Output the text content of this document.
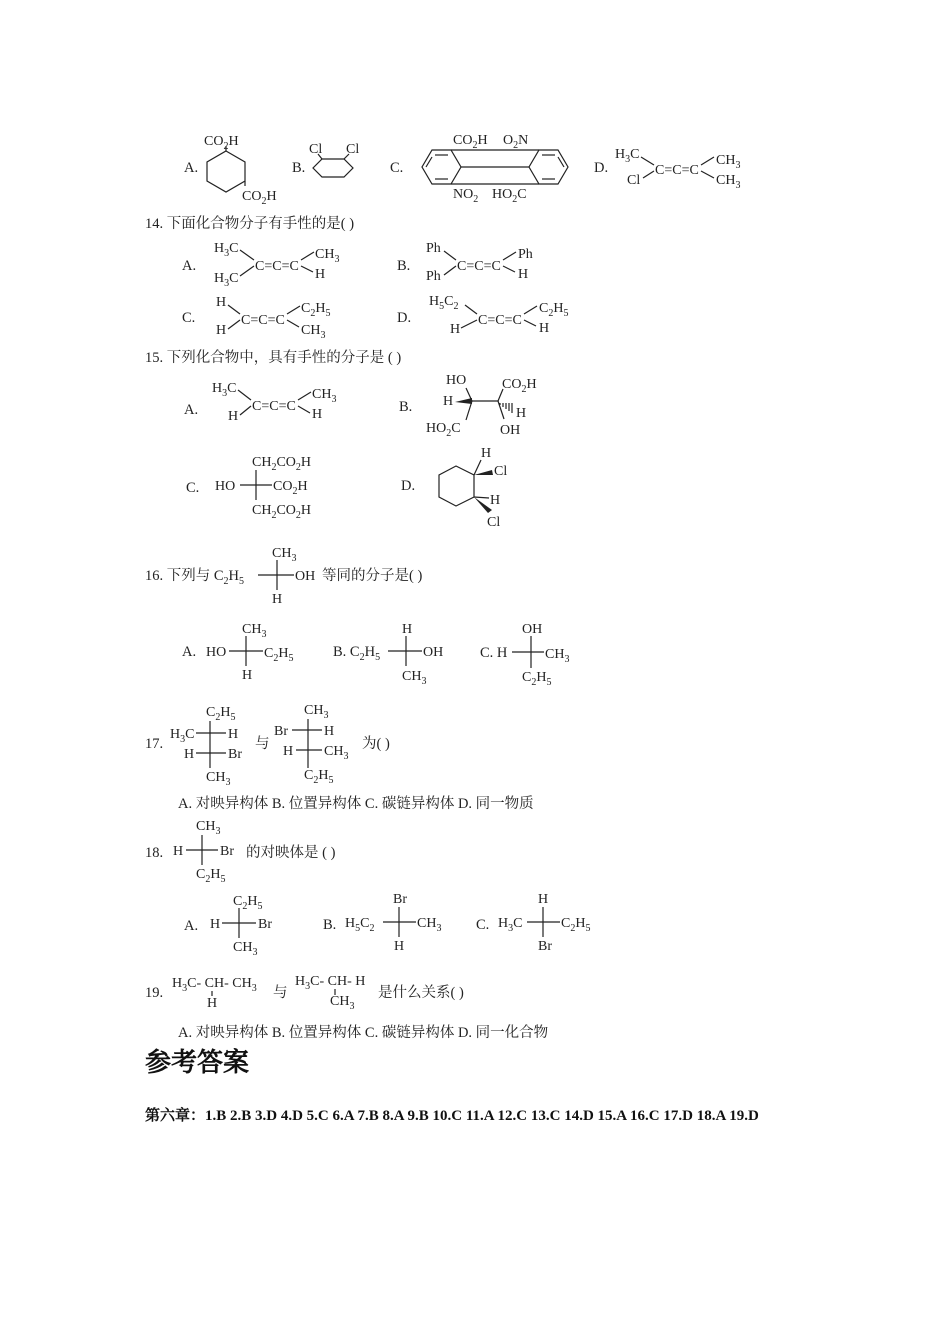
A.
$CO_2H$
$CO_2H$
B.
Cl Cl
C.
$CO_2H$ $O_2N$
$NO_2$ $HO_2C$
D.
$H_3C$
Cl
C=C=C
$CH_3$
$CH_3$
14. 下面化合物分子有手性的是( )
A.
$H_3C$
$H_3C$
C=C=C
$CH_3$
H
B.
Ph
Ph
C=C=C
Ph
H
C.
H
H
C=C=C
$C_2H_5$
$CH_3$
D.
$H_5C_2$
H
C=C=C
$C_2H_5$
H
15. 下列化合物中，具有手性的分子是 ( )
A.
$H_3C$
H
C=C=C
$CH_3$
H	B.
HO
H
$HO_2C$
$CO_2H$
H
OH
C.
$CH_2CO_2H$
HO	$CO_2H$
$CH_2CO_2H$
D.
H
Cl
H
Cl
16. 下列与 $C_2H_5$
$CH_3$
OH
H
等同的分子是( )
A. HO
$CH_3$
$C_2H_5$
H
B. $C_2H_5$
H
OH
$CH_3$
C. H
OH
$CH_3$
$C_2H_5$
17.
$C_2H_5$
$H_3C$ H
H Br
$CH_3$
与
$CH_3$
Br	H
H $CH_3$
$C_2H_5$
为( )
A. 对映异构体 B. 位置异构体 C. 碳链异构体 D. 同一物质
18.
$CH_3$
H	Br
$C_2H_5$
的对映体是 ( )
A. H
$C_2H_5$
Br
$CH_3$
B. $H_5C_2$
Br
$CH_3$
H
C. $H_3C$
H
$C_2H_5$
Br
19.
$H_3C-$ CH- $CH_3$
H
与
$H_3C-$ CH- H
$CH_3$
是什么关系( )
A. 对映异构体 B. 位置异构体 C. 碳链异构体 D. 同一化合物
参考答案
第六章：1.B 2.B 3.D 4.D 5.C 6.A 7.B 8.A 9.B 10.C 11.A 12.C 13.C 14.D 15.A 16.C 17.D 18.A 19.D
